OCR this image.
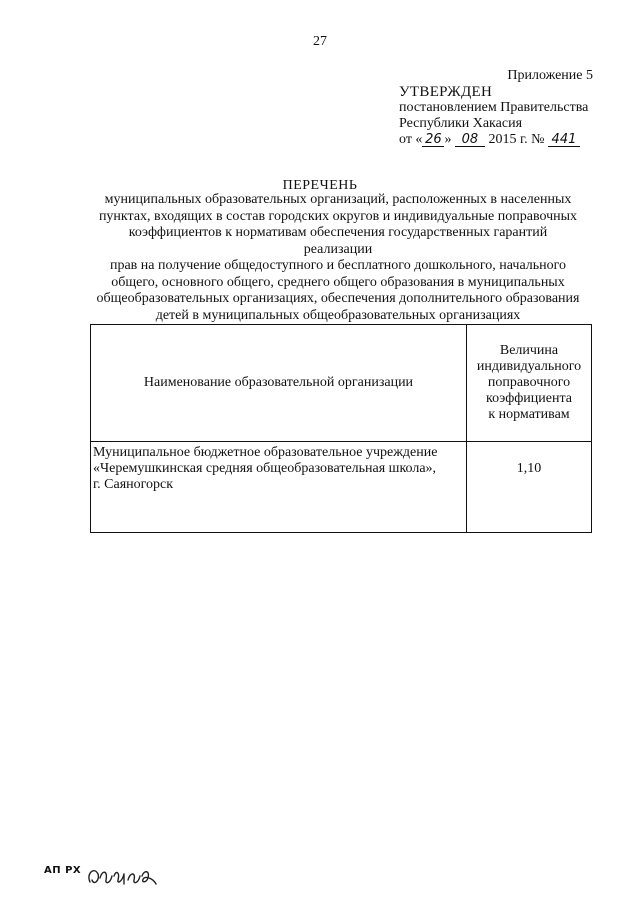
27
Приложение 5
УТВЕРЖДЕН
постановлением Правительства
Республики Хакасия
от « 26 » 08 2015 г. № 441
ПЕРЕЧЕНЬ
муниципальных образовательных организаций, расположенных в населенных
пунктах, входящих в состав городских округов и индивидуальные поправочных
коэффициентов к нормативам обеспечения государственных гарантий реализации
прав на получение общедоступного и бесплатного дошкольного, начального
общего, основного общего, среднего общего образования в муниципальных
общеобразовательных организациях, обеспечения дополнительного образования
детей в муниципальных общеобразовательных организациях
Наименование образовательной организации	Величина
индивидуального
поправочного
коэффициента
к нормативам

Муниципальное бюджетное образовательное учреждение
«Черемушкинская средняя общеобразовательная школа»,
г. Саяногорск	1,10
АП РХ
